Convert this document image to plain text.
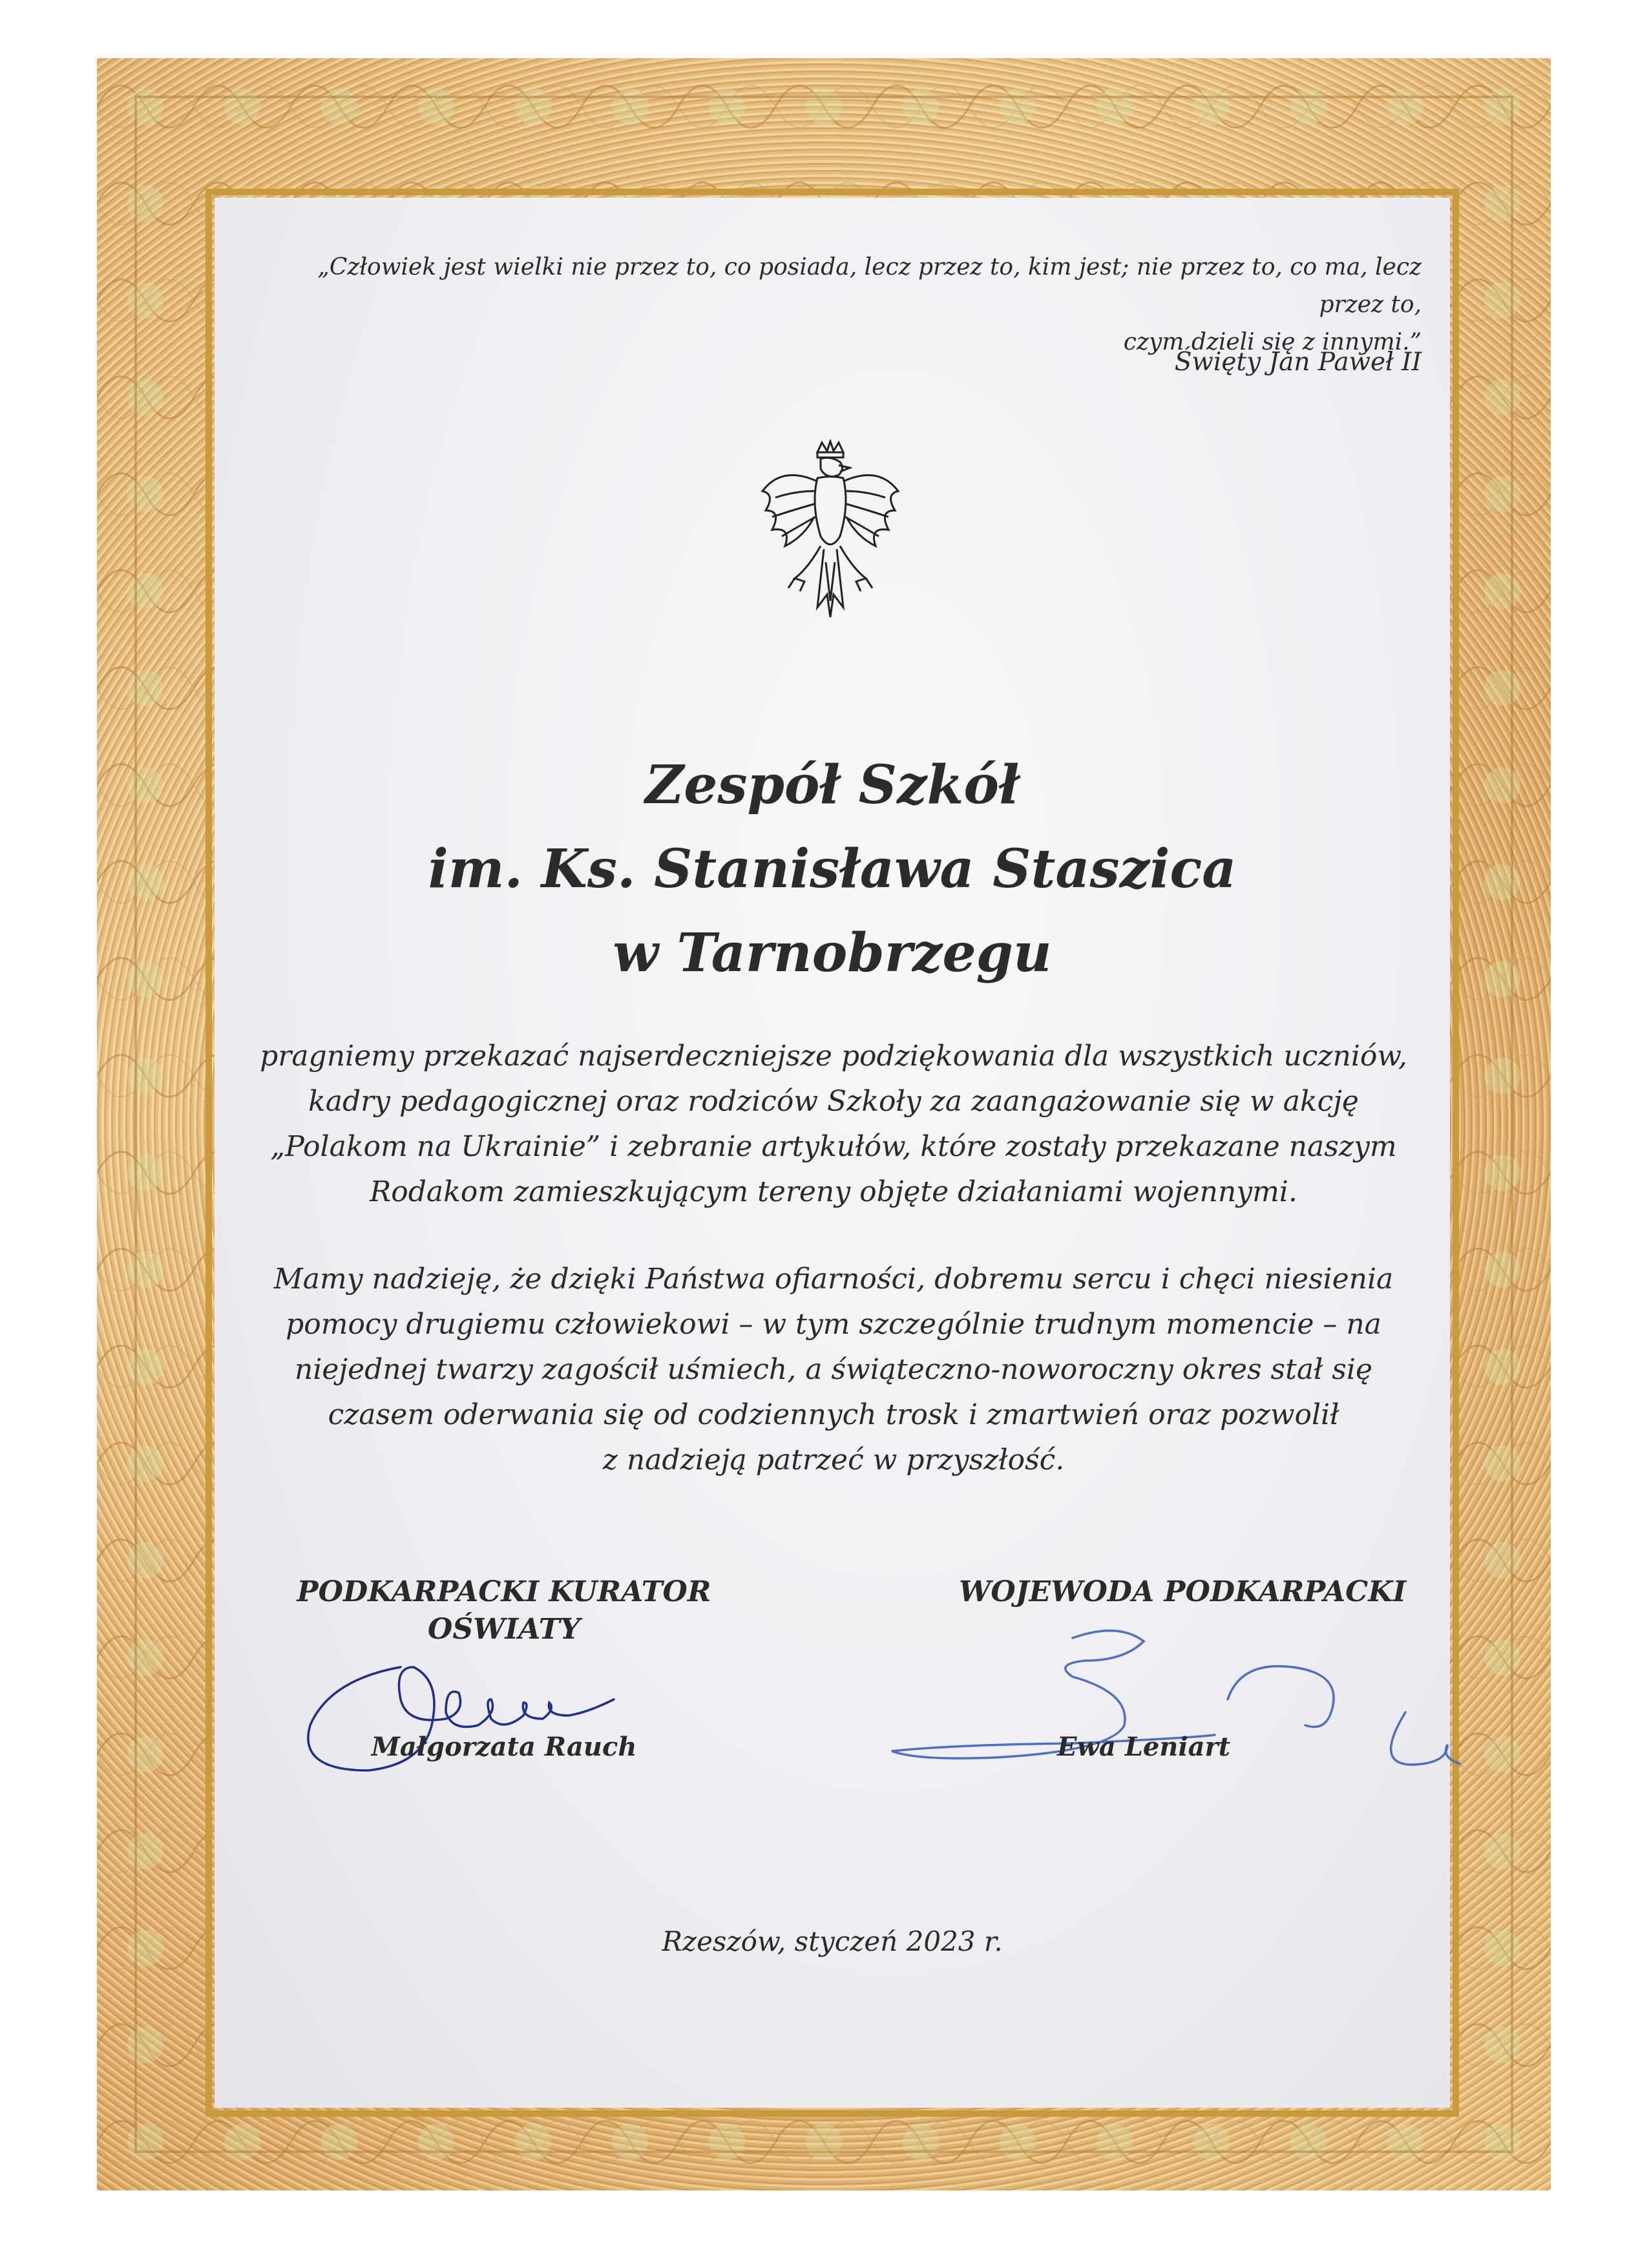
„Człowiek jest wielki nie przez to, co posiada, lecz przez to, kim jest; nie przez to, co ma, lecz przez to,
czym dzieli się z innymi.”
Święty Jan Paweł II
Zespół Szkół
im. Ks. Stanisława Staszica
w Tarnobrzegu
pragniemy przekazać najserdeczniejsze podziękowania dla wszystkich uczniów,
kadry pedagogicznej oraz rodziców Szkoły za zaangażowanie się w akcję
„Polakom na Ukrainie” i zebranie artykułów, które zostały przekazane naszym
Rodakom zamieszkującym tereny objęte działaniami wojennymi.
Mamy nadzieję, że dzięki Państwa ofiarności, dobremu sercu i chęci niesienia
pomocy drugiemu człowiekowi – w tym szczególnie trudnym momencie – na
niejednej twarzy zagościł uśmiech, a świąteczno-noworoczny okres stał się
czasem oderwania się od codziennych trosk i zmartwień oraz pozwolił
z nadzieją patrzeć w przyszłość.
PODKARPACKI KURATOR
OŚWIATY
WOJEWODA PODKARPACKI
Małgorzata Rauch	Ewa Leniart
Rzeszów, styczeń 2023 r.
